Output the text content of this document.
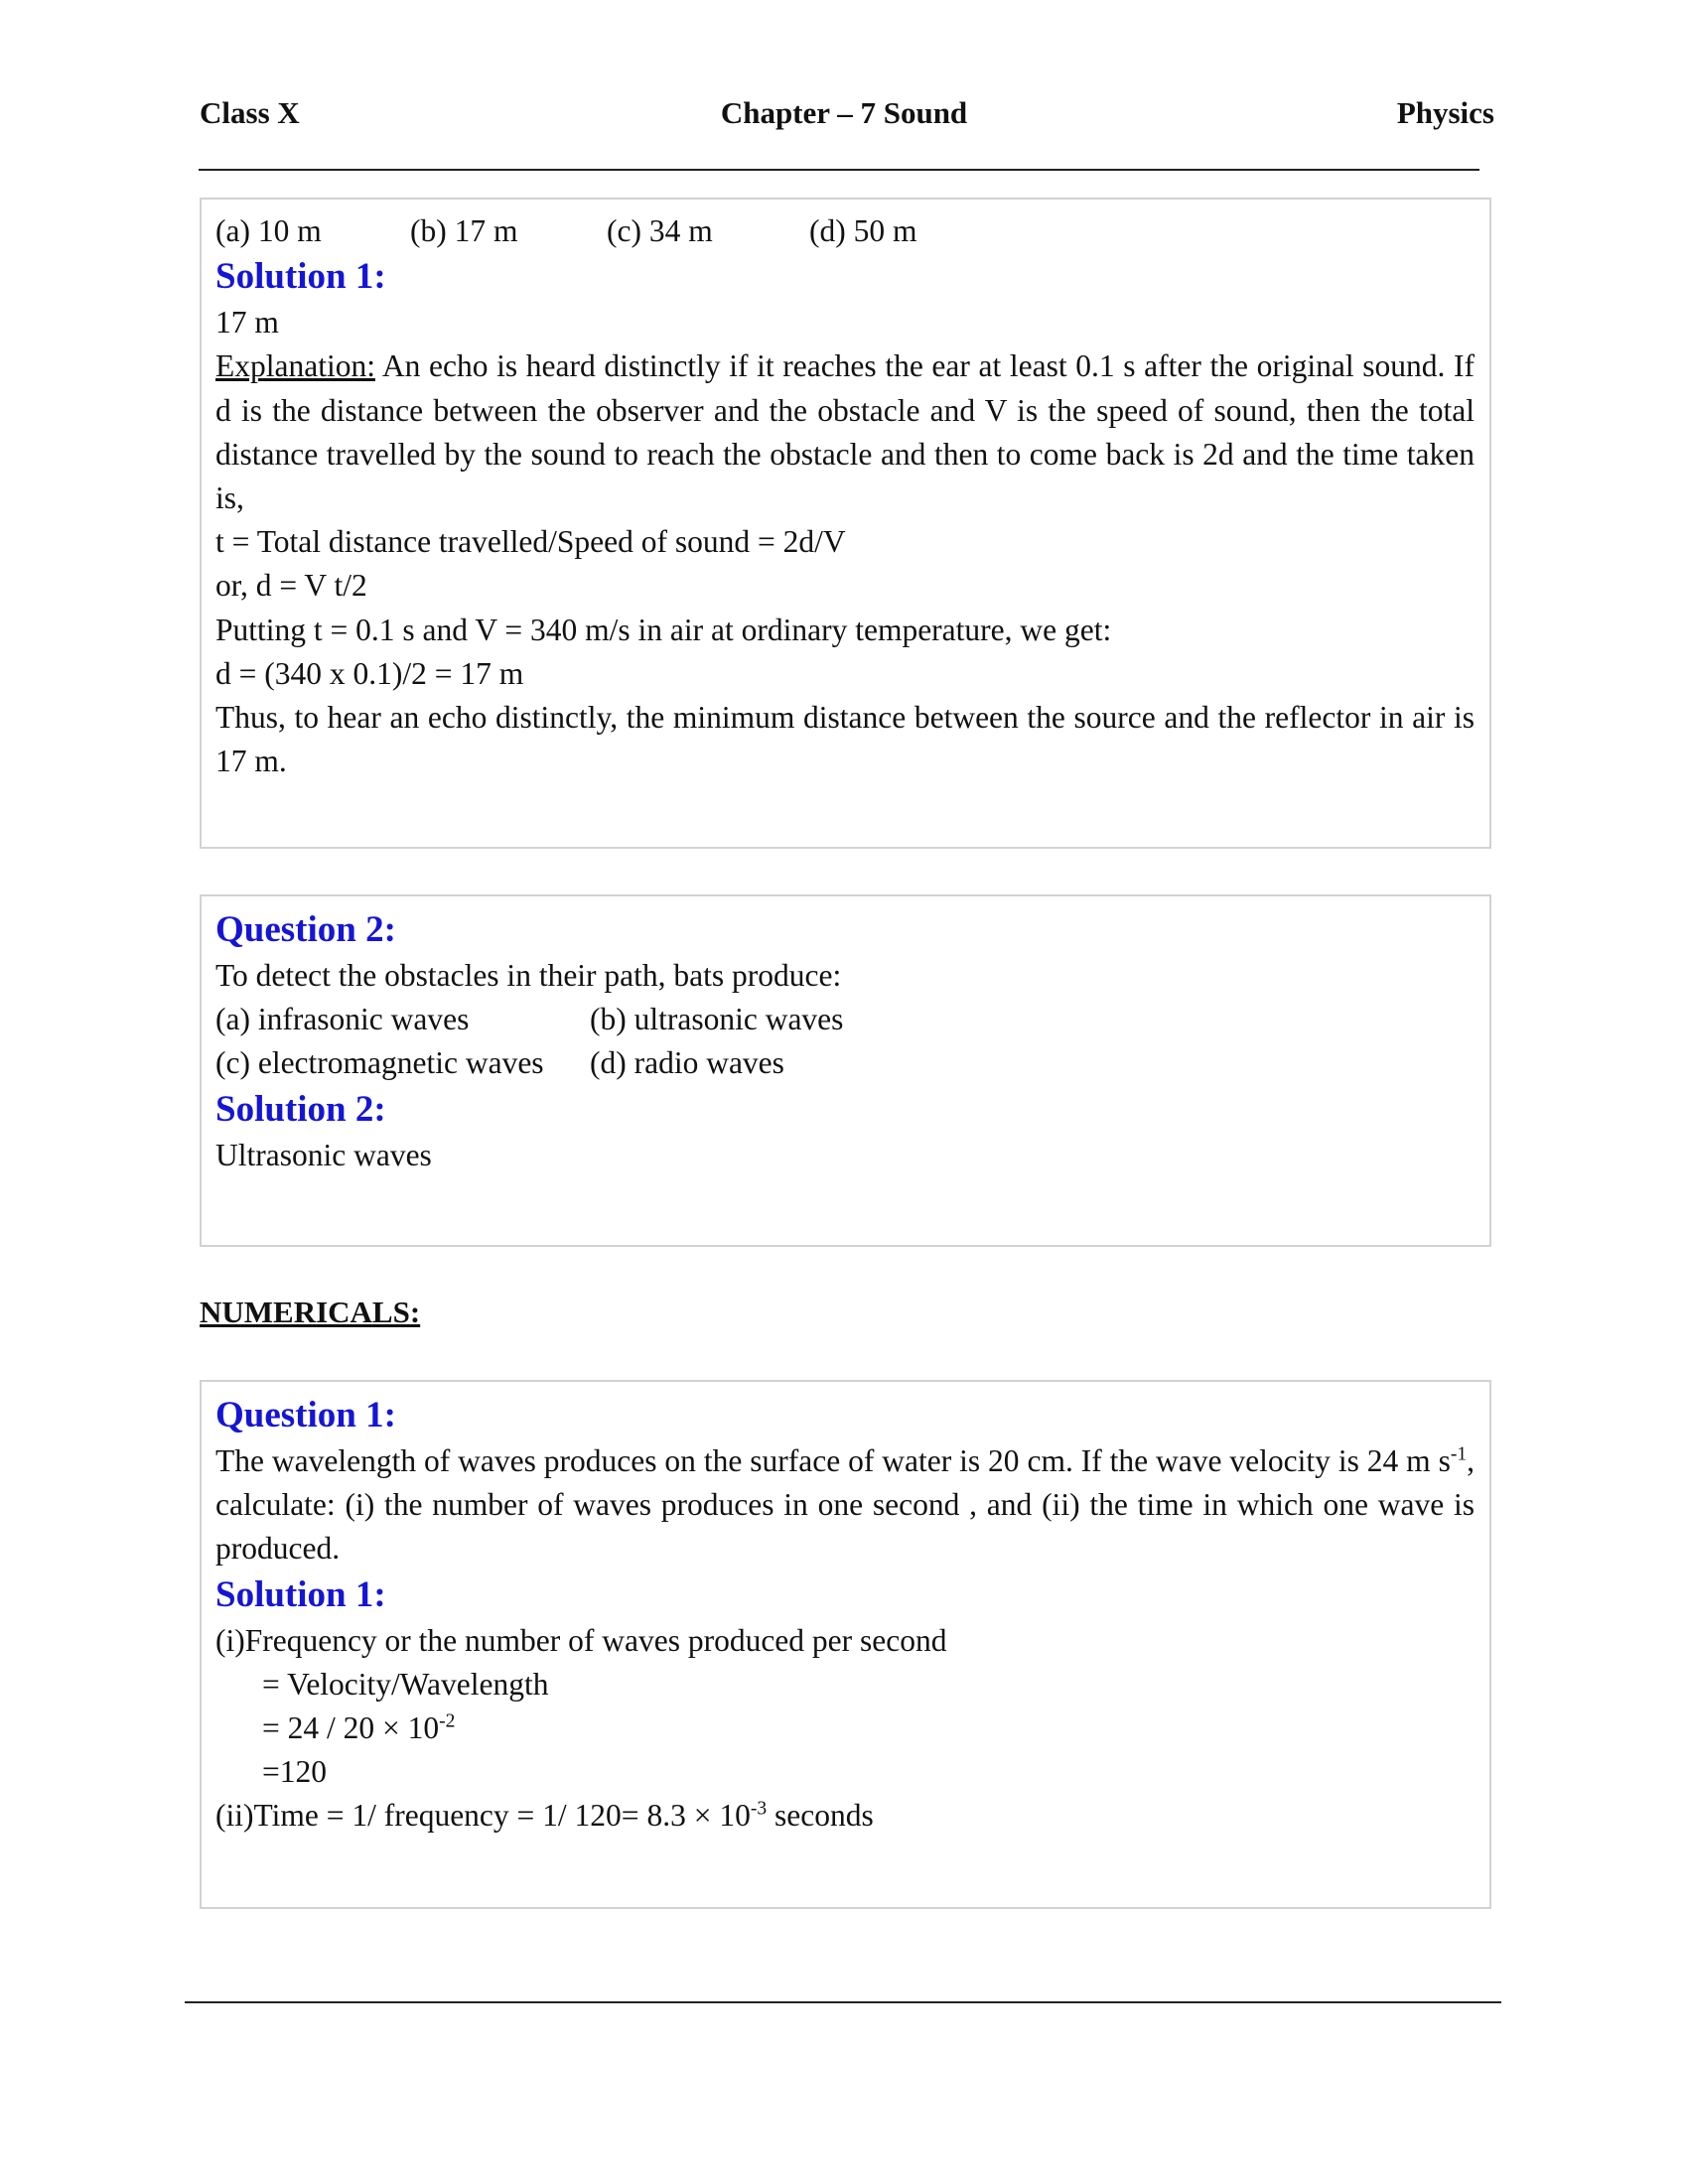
Class X	Chapter – 7 Sound	Physics
(a) 10 m	(b) 17 m	(c) 34 m	(d) 50 m
Solution 1:
17 m
Explanation: An echo is heard distinctly if it reaches the ear at least 0.1 s after the original sound. If d is the distance between the observer and the obstacle and V is the speed of sound, then the total distance travelled by the sound to reach the obstacle and then to come back is 2d and the time taken is,
t = Total distance travelled/Speed of sound = 2d/V
or, d = V t/2
Putting t = 0.1 s and V = 340 m/s in air at ordinary temperature, we get:
d = (340 x 0.1)/2 = 17 m
Thus, to hear an echo distinctly, the minimum distance between the source and the reflector in air is 17 m.
Question 2:
To detect the obstacles in their path, bats produce:
(a) infrasonic waves	(b) ultrasonic waves
(c) electromagnetic waves (d) radio waves
Solution 2:
Ultrasonic waves
NUMERICALS:
Question 1:
The wavelength of waves produces on the surface of water is 20 cm. If the wave velocity is 24 m $s^{-1}$, calculate: (i) the number of waves produces in one second , and (ii) the time in which one wave is produced.
Solution 1:
(i)Frequency or the number of waves produced per second
= Velocity/Wavelength
= $24 / 20 \times 10^{-2}$
=120
(ii)Time = 1/ frequency = 1/ $120= 8.3 \times 10^{-3}$ seconds
